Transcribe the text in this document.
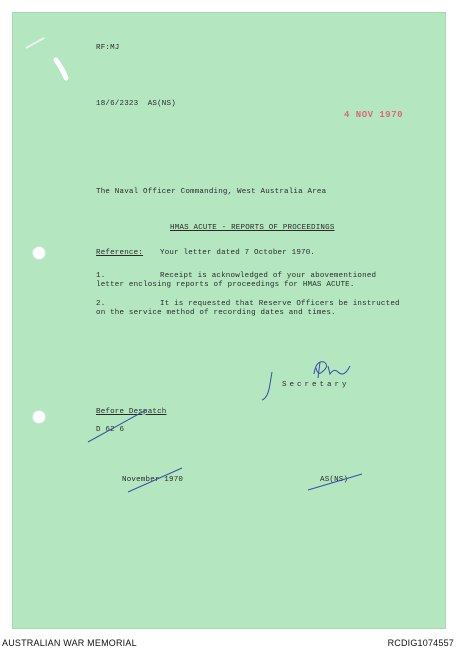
RF:MJ
18/6/2323  AS(NS)
4 NOV 1970
The Naval Officer Commanding, West Australia Area
HMAS ACUTE - REPORTS OF PROCEEDINGS
Reference: Your letter dated 7 October 1970.
1.	Receipt is acknowledged of your abovementioned
letter enclosing reports of proceedings for HMAS ACUTE.
2.	It is requested that Reserve Officers be instructed
on the service method of recording dates and times.
Secretary
Before Despatch
D 62 6
November 1970	AS(NS)
AUSTRALIAN WAR MEMORIAL	RCDIG1074557
